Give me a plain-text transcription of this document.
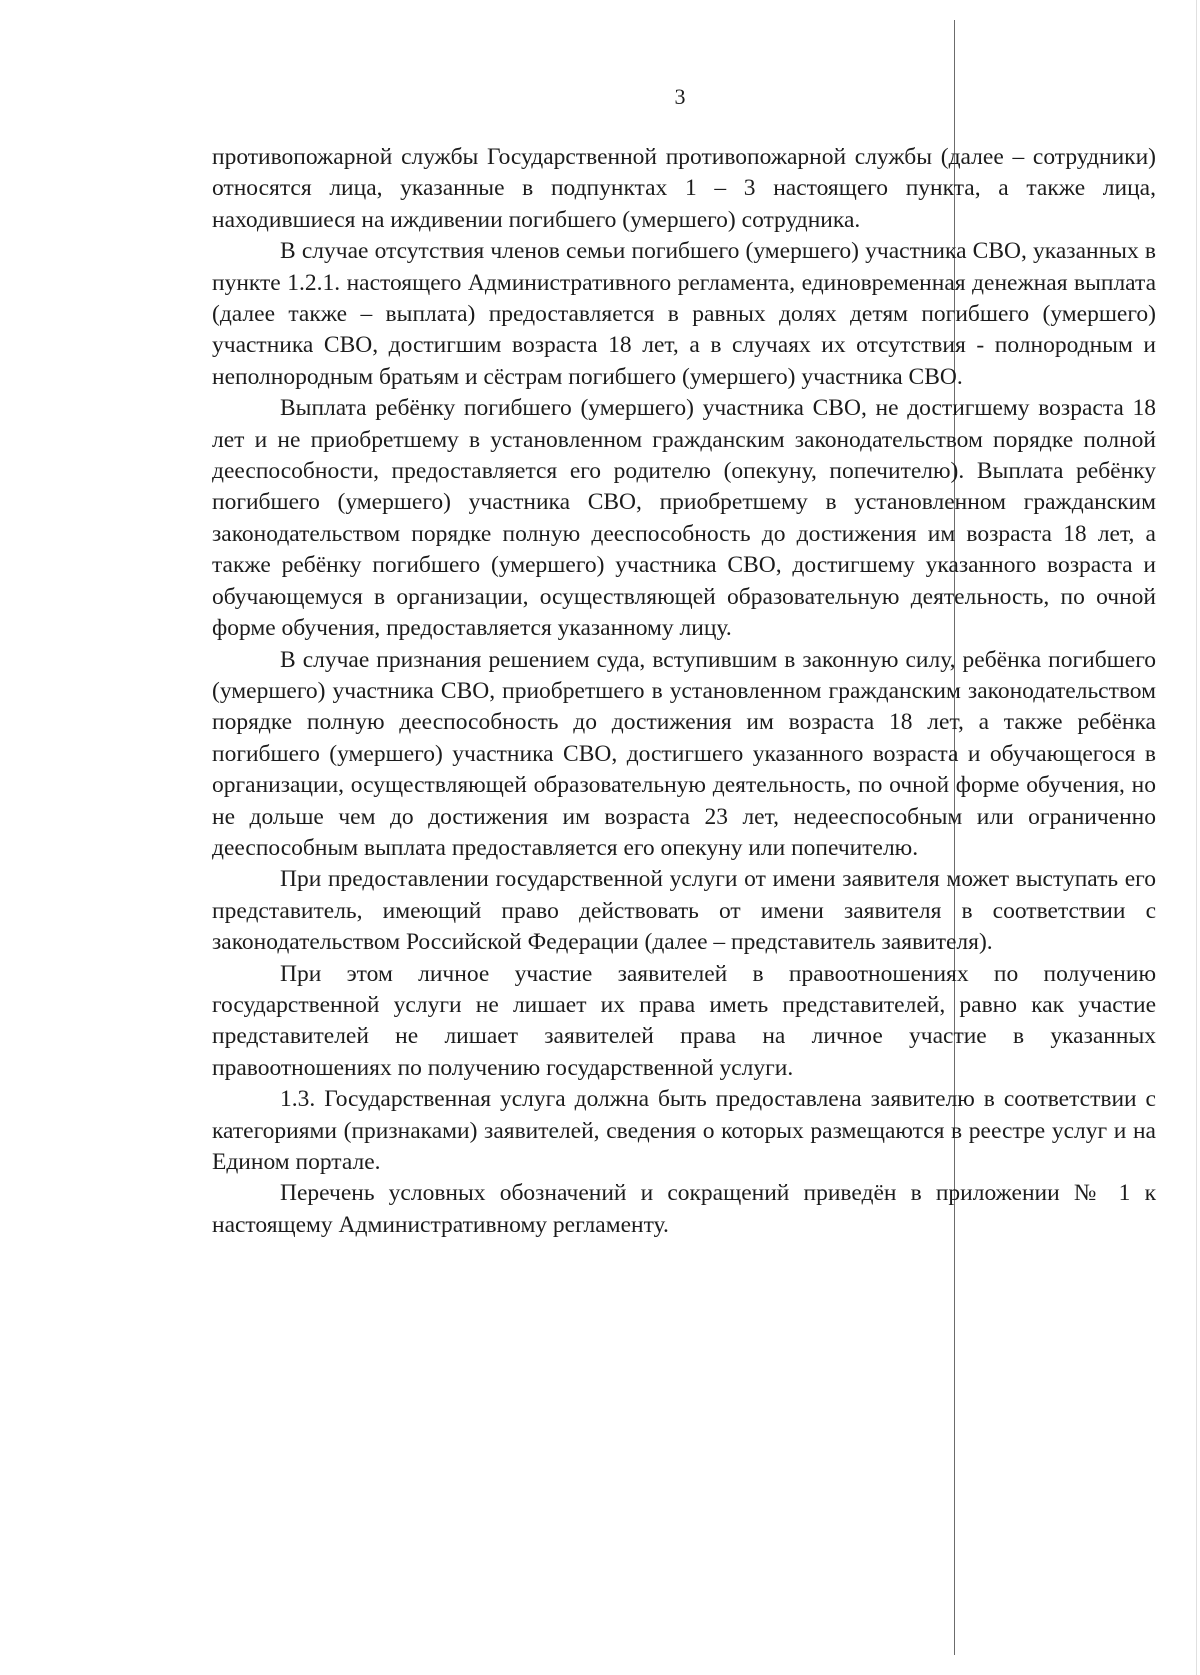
3

противопожарной службы Государственной противопожарной службы (далее – сотрудники) относятся лица, указанные в подпунктах 1 – 3 настоящего пункта, а также лица, находившиеся на иждивении погибшего (умершего) сотрудника.

В случае отсутствия членов семьи погибшего (умершего) участника СВО, указанных в пункте 1.2.1. настоящего Административного регламента, единовременная денежная выплата (далее также – выплата) предоставляется в равных долях детям погибшего (умершего) участника СВО, достигшим возраста 18 лет, а в случаях их отсутствия - полнородным и неполнородным братьям и сёстрам погибшего (умершего) участника СВО.

Выплата ребёнку погибшего (умершего) участника СВО, не достигшему возраста 18 лет и не приобретшему в установленном гражданским законодательством порядке полной дееспособности, предоставляется его родителю (опекуну, попечителю). Выплата ребёнку погибшего (умершего) участника СВО, приобретшему в установленном гражданским законодательством порядке полную дееспособность до достижения им возраста 18 лет, а также ребёнку погибшего (умершего) участника СВО, достигшему указанного возраста и обучающемуся в организации, осуществляющей образовательную деятельность, по очной форме обучения, предоставляется указанному лицу.

В случае признания решением суда, вступившим в законную силу, ребёнка погибшего (умершего) участника СВО, приобретшего в установленном гражданским законодательством порядке полную дееспособность до достижения им возраста 18 лет, а также ребёнка погибшего (умершего) участника СВО, достигшего указанного возраста и обучающегося в организации, осуществляющей образовательную деятельность, по очной форме обучения, но не дольше чем до достижения им возраста 23 лет, недееспособным или ограниченно дееспособным выплата предоставляется его опекуну или попечителю.

При предоставлении государственной услуги от имени заявителя может выступать его представитель, имеющий право действовать от имени заявителя в соответствии с законодательством Российской Федерации (далее – представитель заявителя).

При этом личное участие заявителей в правоотношениях по получению государственной услуги не лишает их права иметь представителей, равно как участие представителей не лишает заявителей права на личное участие в указанных правоотношениях по получению государственной услуги.

1.3. Государственная услуга должна быть предоставлена заявителю в соответствии с категориями (признаками) заявителей, сведения о которых размещаются в реестре услуг и на Едином портале.

Перечень условных обозначений и сокращений приведён в приложении № 1 к настоящему Административному регламенту.
